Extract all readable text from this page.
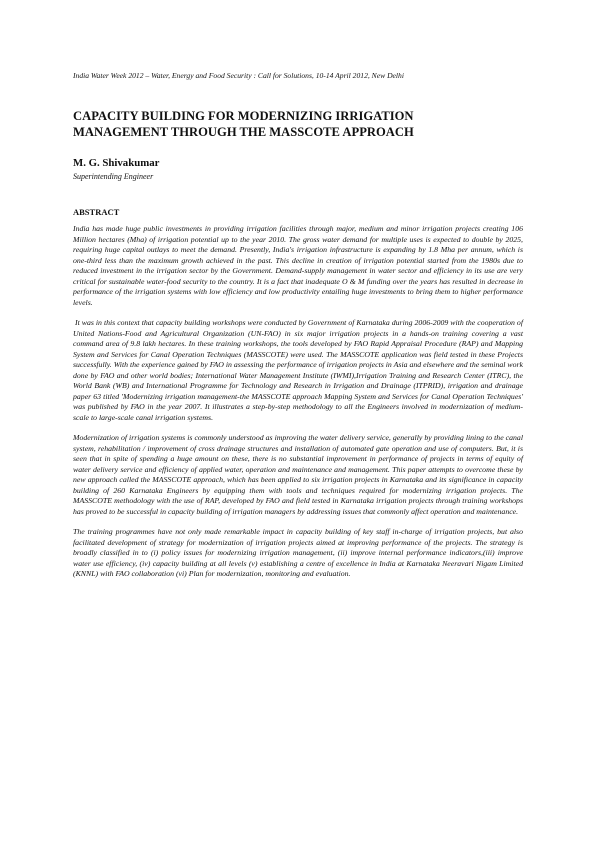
India Water Week 2012 – Water, Energy and Food Security : Call for Solutions, 10-14 April 2012, New Delhi
CAPACITY BUILDING FOR MODERNIZING IRRIGATION
MANAGEMENT THROUGH THE MASSCOTE APPROACH
M. G. Shivakumar
Superintending Engineer
ABSTRACT

India has made huge public investments in providing irrigation facilities through major, medium and minor irrigation projects creating 106 Million hectares (Mha) of irrigation potential up to the year 2010. The gross water demand for multiple uses is expected to double by 2025, requiring huge capital outlays to meet the demand. Presently, India's irrigation infrastructure is expanding by 1.8 Mha per annum, which is one-third less than the maximum growth achieved in the past. This decline in creation of irrigation potential started from the 1980s due to reduced investment in the irrigation sector by the Government. Demand-supply management in water sector and efficiency in its use are very critical for sustainable water-food security to the country. It is a fact that inadequate O & M funding over the years has resulted in decrease in performance of the irrigation systems with low efficiency and low productivity entailing huge investments to bring them to higher performance levels.

It was in this context that capacity building workshops were conducted by Government of Karnataka during 2006-2009 with the cooperation of United Nations-Food and Agricultural Organization (UN-FAO) in six major irrigation projects in a hands-on training covering a vast command area of 9.8 lakh hectares. In these training workshops, the tools developed by FAO Rapid Appraisal Procedure (RAP) and Mapping System and Services for Canal Operation Techniques (MASSCOTE) were used. The MASSCOTE application was field tested in these Projects successfully. With the experience gained by FAO in assessing the performance of irrigation projects in Asia and elsewhere and the seminal work done by FAO and other world bodies; International Water Management Institute (IWMI),Irrigation Training and Research Center (ITRC), the World Bank (WB) and International Programme for Technology and Research in Irrigation and Drainage (ITPRID), irrigation and drainage paper 63 titled 'Modernizing irrigation management-the MASSCOTE approach Mapping System and Services for Canal Operation Techniques' was published by FAO in the year 2007. It illustrates a step-by-step methodology to all the Engineers involved in modernization of medium-scale to large-scale canal irrigation systems.

Modernization of irrigation systems is commonly understood as improving the water delivery service, generally by providing lining to the canal system, rehabilitation / improvement of cross drainage structures and installation of automated gate operation and use of computers. But, it is seen that in spite of spending a huge amount on these, there is no substantial improvement in performance of projects in terms of equity of water delivery service and efficiency of applied water, operation and maintenance and management. This paper attempts to overcome these by new approach called the MASSCOTE approach, which has been applied to six irrigation projects in Karnataka and its significance in capacity building of 260 Karnataka Engineers by equipping them with tools and techniques required for modernizing irrigation projects. The MASSCOTE methodology with the use of RAP, developed by FAO and field tested in Karnataka irrigation projects through training workshops has proved to be successful in capacity building of irrigation managers by addressing issues that commonly affect operation and maintenance.

The training programmes have not only made remarkable impact in capacity building of key staff in-charge of irrigation projects, but also facilitated development of strategy for modernization of irrigation projects aimed at improving performance of the projects. The strategy is broadly classified in to (i) policy issues for modernizing irrigation management, (ii) improve internal performance indicators,(iii) improve water use efficiency, (iv) capacity building at all levels (v) establishing a centre of excellence in India at Karnataka Neeravari Nigam Limited (KNNL) with FAO collaboration (vi) Plan for modernization, monitoring and evaluation.
